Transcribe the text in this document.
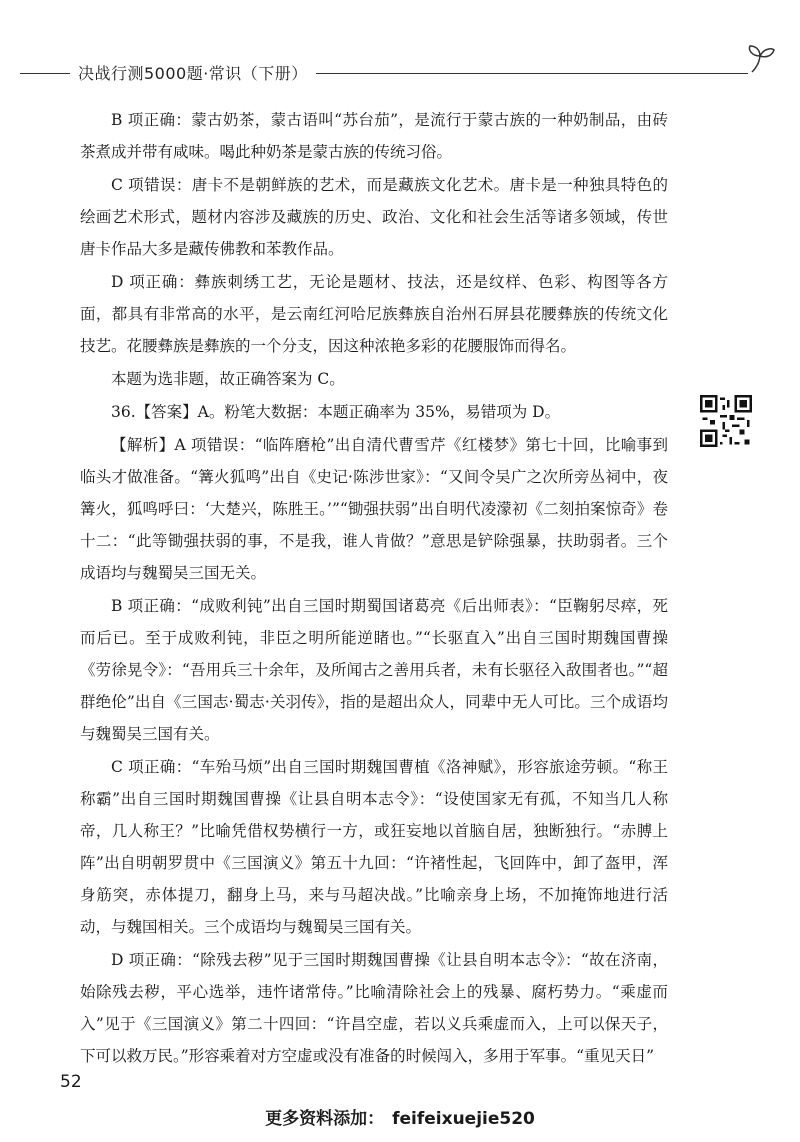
决战行测5000题·常识（下册）

B 项正确：蒙古奶茶，蒙古语叫“苏台茄”，是流行于蒙古族的一种奶制品，由砖茶煮成并带有咸味。喝此种奶茶是蒙古族的传统习俗。

C 项错误：唐卡不是朝鲜族的艺术，而是藏族文化艺术。唐卡是一种独具特色的绘画艺术形式，题材内容涉及藏族的历史、政治、文化和社会生活等诸多领域，传世唐卡作品大多是藏传佛教和苯教作品。

D 项正确：彝族刺绣工艺，无论是题材、技法，还是纹样、色彩、构图等各方面，都具有非常高的水平，是云南红河哈尼族彝族自治州石屏县花腰彝族的传统文化技艺。花腰彝族是彝族的一个分支，因这种浓艳多彩的花腰服饰而得名。

本题为选非题，故正确答案为 C。

36.【答案】A。粉笔大数据：本题正确率为 35%，易错项为 D。

【解析】A 项错误：“临阵磨枪”出自清代曹雪芹《红楼梦》第七十回，比喻事到临头才做准备。“篝火狐鸣”出自《史记·陈涉世家》：“又间令吴广之次所旁丛祠中，夜篝火，狐鸣呼曰：‘大楚兴，陈胜王。’”“锄强扶弱”出自明代凌濛初《二刻拍案惊奇》卷十二：“此等锄强扶弱的事，不是我，谁人肯做？”意思是铲除强暴，扶助弱者。三个成语均与魏蜀吴三国无关。

B 项正确：“成败利钝”出自三国时期蜀国诸葛亮《后出师表》：“臣鞠躬尽瘁，死而后已。至于成败利钝，非臣之明所能逆睹也。”“长驱直入”出自三国时期魏国曹操《劳徐晃令》：“吾用兵三十余年，及所闻古之善用兵者，未有长驱径入敌围者也。”“超群绝伦”出自《三国志·蜀志·关羽传》，指的是超出众人，同辈中无人可比。三个成语均与魏蜀吴三国有关。

C 项正确：“车殆马烦”出自三国时期魏国曹植《洛神赋》，形容旅途劳顿。“称王称霸”出自三国时期魏国曹操《让县自明本志令》：“设使国家无有孤，不知当几人称帝，几人称王？”比喻凭借权势横行一方，或狂妄地以首脑自居，独断独行。“赤膊上阵”出自明朝罗贯中《三国演义》第五十九回：“许褚性起，飞回阵中，卸了盔甲，浑身筋突，赤体提刀，翻身上马，来与马超决战。”比喻亲身上场，不加掩饰地进行活动，与魏国相关。三个成语均与魏蜀吴三国有关。

D 项正确：“除残去秽”见于三国时期魏国曹操《让县自明本志令》：“故在济南，始除残去秽，平心选举，违忤诸常侍。”比喻清除社会上的残暴、腐朽势力。“乘虚而入”见于《三国演义》第二十四回：“许昌空虚，若以义兵乘虚而入，上可以保天子，下可以救万民。”形容乘着对方空虚或没有准备的时候闯入，多用于军事。“重见天日”

52
更多资料添加： feifeixuejie520
